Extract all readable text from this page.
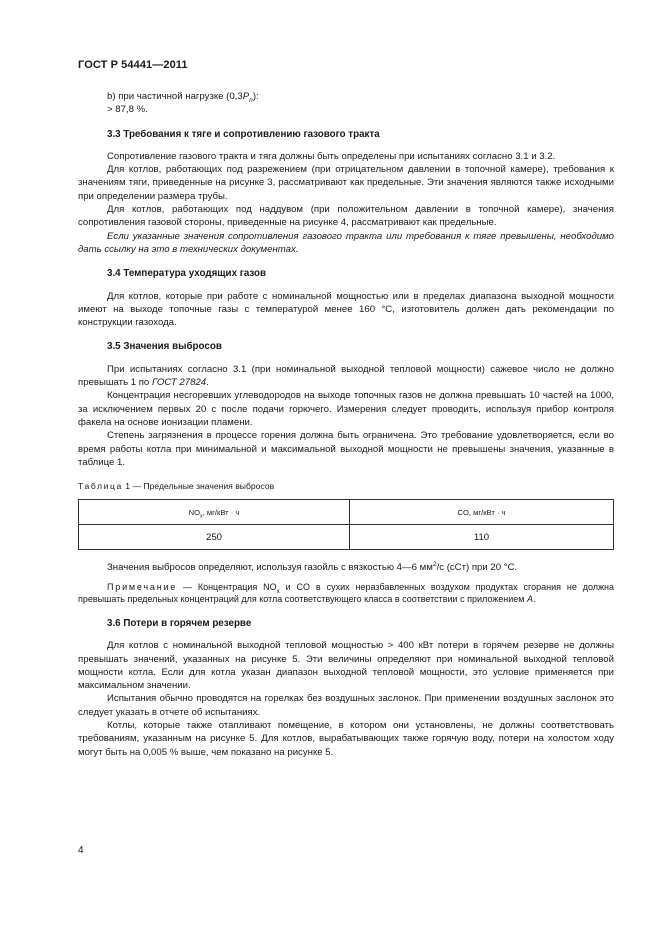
ГОСТ Р 54441—2011

b) при частичной нагрузке $(0,3P_n)$:

> 87,8 %.

3.3 Требования к тяге и сопротивлению газового тракта

Сопротивление газового тракта и тяга должны быть определены при испытаниях согласно 3.1 и 3.2.

Для котлов, работающих под разрежением (при отрицательном давлении в топочной камере), требования к значениям тяги, приведенные на рисунке 3, рассматривают как предельные. Эти значения являются также исходными при определении размера трубы.

Для котлов, работающих под наддувом (при положительном давлении в топочной камере), значения сопротивления газовой стороны, приведенные на рисунке 4, рассматривают как предельные.

Если указанные значения сопротивления газового тракта или требования к тяге превышены, необходимо дать ссылку на это в технических документах.

3.4 Температура уходящих газов

Для котлов, которые при работе с номинальной мощностью или в пределах диапазона выходной мощности имеют на выходе топочные газы с температурой менее 160 °С, изготовитель должен дать рекомендации по конструкции газохода.

3.5 Значения выбросов

При испытаниях согласно 3.1 (при номинальной выходной тепловой мощности) сажевое число не должно превышать 1 по ГОСТ 27824.

Концентрация несгоревших углеводородов на выходе топочных газов не должна превышать 10 частей на 1000, за исключением первых 20 с после подачи горючего. Измерения следует проводить, используя прибор контроля факела на основе ионизации пламени.

Степень загрязнения в процессе горения должна быть ограничена. Это требование удовлетворяется, если во время работы котла при минимальной и максимальной выходной мощности не превышены значения, указанные в таблице 1.

Таблица 1 — Предельные значения выбросов

$NO_x$, мг/кВт · ч	CO, мг/кВт · ч
250	110

Значения выбросов определяют, используя газойль с вязкостью 4—6 $мм^2/с$ (сСт) при 20 °С.

Примечание — Концентрация $NO_x$ и CO в сухих неразбавленных воздухом продуктах сгорания не должна превышать предельных концентраций для котла соответствующего класса в соответствии с приложением А.

3.6 Потери в горячем резерве

Для котлов с номинальной выходной тепловой мощностью > 400 кВт потери в горячем резерве не должны превышать значений, указанных на рисунке 5. Эти величины определяют при номинальной выходной тепловой мощности котла. Если для котла указан диапазон выходной тепловой мощности, это условие применяется при максимальном значении.

Испытания обычно проводятся на горелках без воздушных заслонок. При применении воздушных заслонок это следует указать в отчете об испытаниях.

Котлы, которые также отапливают помещение, в котором они установлены, не должны соответствовать требованиям, указанным на рисунке 5. Для котлов, вырабатывающих также горячую воду, потери на холостом ходу могут быть на 0,005 % выше, чем показано на рисунке 5.

4
